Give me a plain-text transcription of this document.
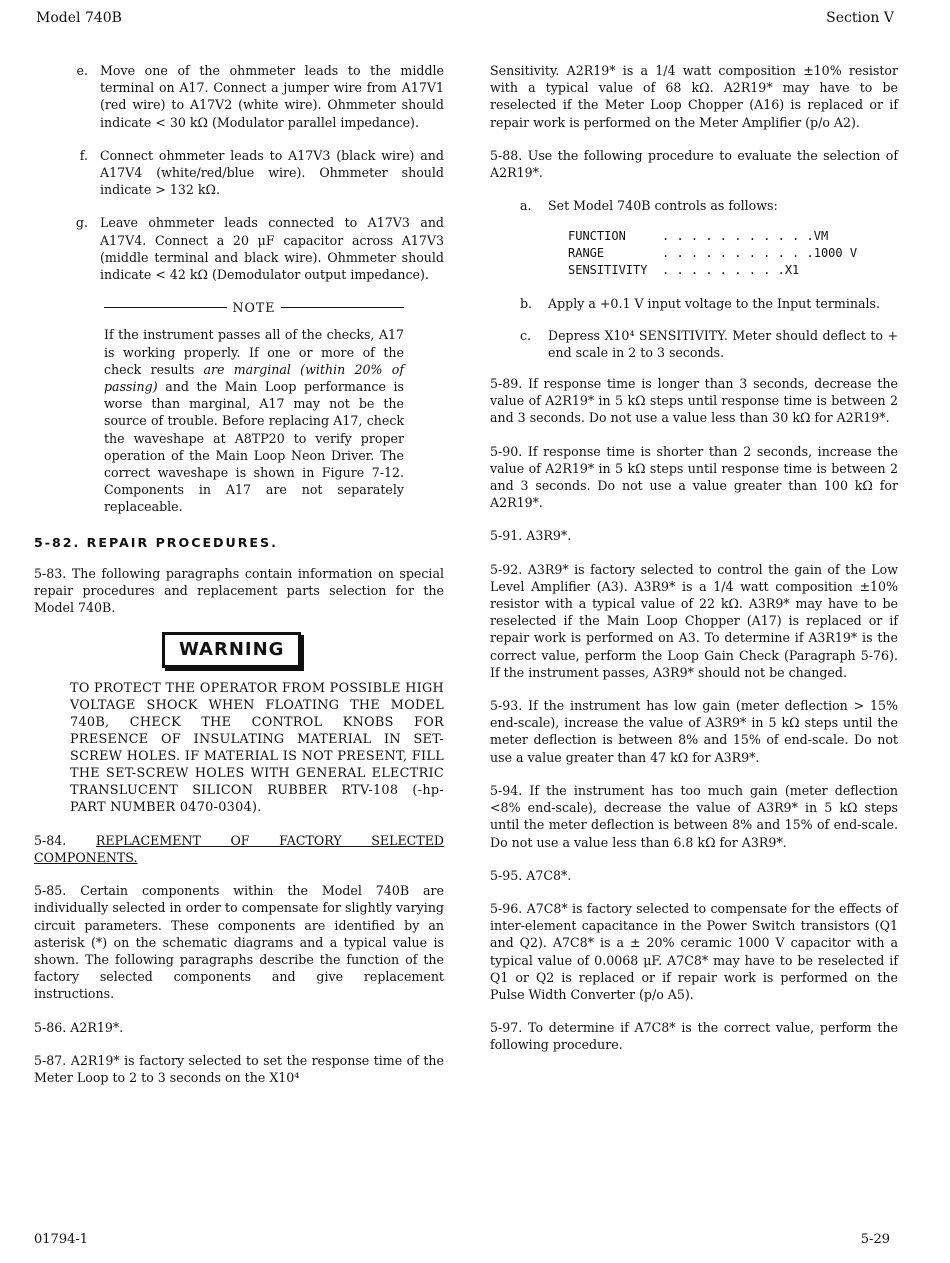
Model 740B	Section V
e. Move one of the ohmmeter leads to the middle terminal on A17. Connect a jumper wire from A17V1 (red wire) to A17V2 (white wire). Ohmmeter should indicate < 30 kΩ (Modulator parallel impedance).
f. Connect ohmmeter leads to A17V3 (black wire) and A17V4 (white/red/blue wire). Ohmmeter should indicate > 132 kΩ.
g. Leave ohmmeter leads connected to A17V3 and A17V4. Connect a 20 μF capacitor across A17V3 (middle terminal and black wire). Ohmmeter should indicate < 42 kΩ (Demodulator output impedance).
NOTE
If the instrument passes all of the checks, A17 is working properly. If one or more of the check results are marginal (within 20% of passing) and the Main Loop performance is worse than marginal, A17 may not be the source of trouble. Before replacing A17, check the waveshape at A8TP20 to verify proper operation of the Main Loop Neon Driver. The correct waveshape is shown in Figure 7-12. Components in A17 are not separately replaceable.
5-82. REPAIR PROCEDURES.
5-83. The following paragraphs contain information on special repair procedures and replacement parts selection for the Model 740B.
WARNING
TO PROTECT THE OPERATOR FROM POSSIBLE HIGH VOLTAGE SHOCK WHEN FLOATING THE MODEL 740B, CHECK THE CONTROL KNOBS FOR PRESENCE OF INSULATING MATERIAL IN SET-SCREW HOLES. IF MATERIAL IS NOT PRESENT, FILL THE SET-SCREW HOLES WITH GENERAL ELECTRIC TRANSLUCENT SILICON RUBBER RTV-108 (-hp- PART NUMBER 0470-0304).
5-84. REPLACEMENT OF FACTORY SELECTED COMPONENTS.
5-85. Certain components within the Model 740B are individually selected in order to compensate for slightly varying circuit parameters. These components are identified by an asterisk (*) on the schematic diagrams and a typical value is shown. The following paragraphs describe the function of the factory selected components and give replacement instructions.
5-86. A2R19*.
5-87. A2R19* is factory selected to set the response time of the Meter Loop to 2 to 3 seconds on the X10⁴
Sensitivity. A2R19* is a 1/4 watt composition ±10% resistor with a typical value of 68 kΩ. A2R19* may have to be reselected if the Meter Loop Chopper (A16) is replaced or if repair work is performed on the Meter Amplifier (p/o A2).
5-88. Use the following procedure to evaluate the selection of A2R19*.
a.	Set Model 740B controls as follows:
FUNCTION	. . . . . . . . . . . VM
RANGE	. . . . . . . . . . . 1000 V
SENSITIVITY	. . . . . . . . . X1
b.	Apply a +0.1 V input voltage to the Input terminals.
c.	Depress X10⁴ SENSITIVITY. Meter should deflect to + end scale in 2 to 3 seconds.
5-89. If response time is longer than 3 seconds, decrease the value of A2R19* in 5 kΩ steps until response time is between 2 and 3 seconds. Do not use a value less than 30 kΩ for A2R19*.
5-90. If response time is shorter than 2 seconds, increase the value of A2R19* in 5 kΩ steps until response time is between 2 and 3 seconds. Do not use a value greater than 100 kΩ for A2R19*.
5-91. A3R9*.
5-92. A3R9* is factory selected to control the gain of the Low Level Amplifier (A3). A3R9* is a 1/4 watt composition ±10% resistor with a typical value of 22 kΩ. A3R9* may have to be reselected if the Main Loop Chopper (A17) is replaced or if repair work is performed on A3. To determine if A3R19* is the correct value, perform the Loop Gain Check (Paragraph 5-76). If the instrument passes, A3R9* should not be changed.
5-93. If the instrument has low gain (meter deflection > 15% end-scale), increase the value of A3R9* in 5 kΩ steps until the meter deflection is between 8% and 15% of end-scale. Do not use a value greater than 47 kΩ for A3R9*.
5-94. If the instrument has too much gain (meter deflection <8% end-scale), decrease the value of A3R9* in 5 kΩ steps until the meter deflection is between 8% and 15% of end-scale. Do not use a value less than 6.8 kΩ for A3R9*.
5-95. A7C8*.
5-96. A7C8* is factory selected to compensate for the effects of inter-element capacitance in the Power Switch transistors (Q1 and Q2). A7C8* is a ± 20% ceramic 1000 V capacitor with a typical value of 0.0068 μF. A7C8* may have to be reselected if Q1 or Q2 is replaced or if repair work is performed on the Pulse Width Converter (p/o A5).
5-97. To determine if A7C8* is the correct value, perform the following procedure.
01794-1	5-29
